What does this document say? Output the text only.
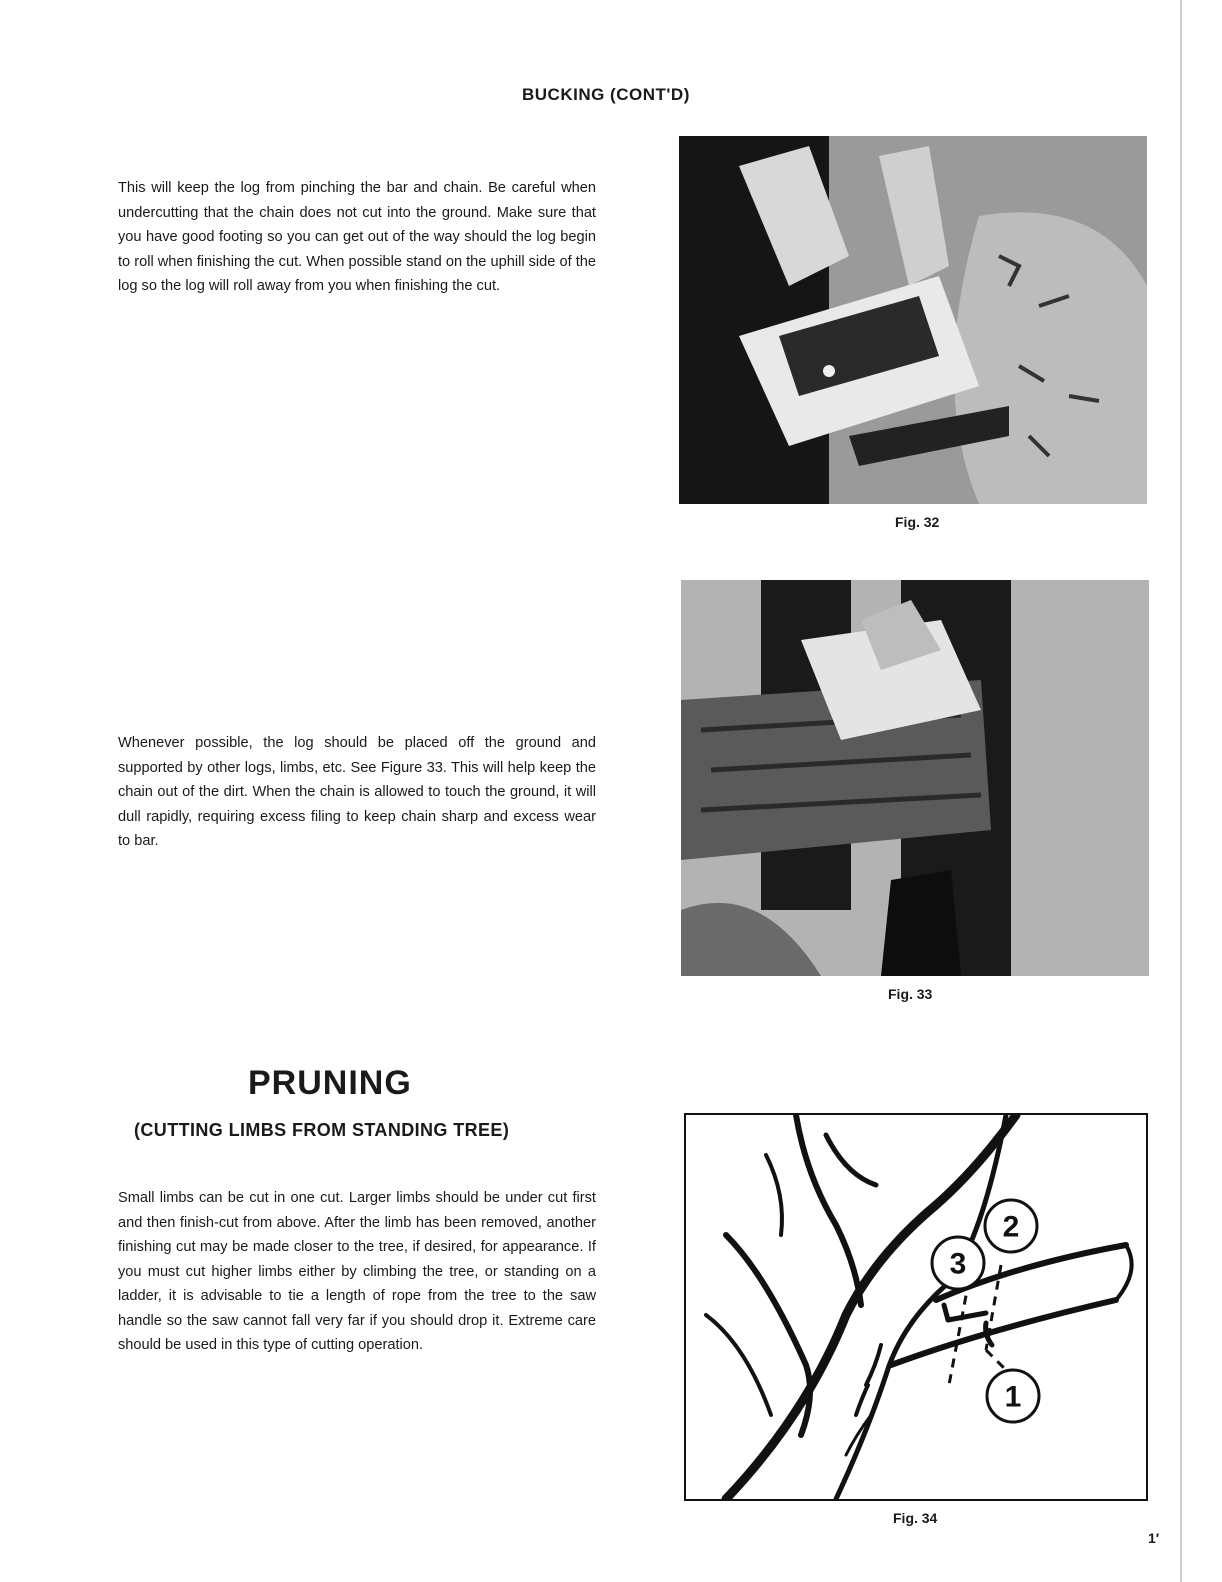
BUCKING (CONT'D)

This will keep the log from pinching the bar and chain. Be careful when undercutting that the chain does not cut into the ground. Make sure that you have good footing so you can get out of the way should the log begin to roll when finishing the cut. When possible stand on the uphill side of the log so the log will roll away from you when finishing the cut.

Fig. 32

Fig. 33

Whenever possible, the log should be placed off the ground and supported by other logs, limbs, etc. See Figure 33. This will help keep the chain out of the dirt. When the chain is allowed to touch the ground, it will dull rapidly, requiring excess filing to keep chain sharp and excess wear to bar.

PRUNING
(CUTTING LIMBS FROM STANDING TREE)

Small limbs can be cut in one cut. Larger limbs should be under cut first and then finish-cut from above. After the limb has been removed, another finishing cut may be made closer to the tree, if desired, for appearance. If you must cut higher limbs either by climbing the tree, or standing on a ladder, it is advisable to tie a length of rope from the tree to the saw handle so the saw cannot fall very far if you should drop it. Extreme care should be used in this type of cutting operation.

2
3
1

Fig. 34

1′
